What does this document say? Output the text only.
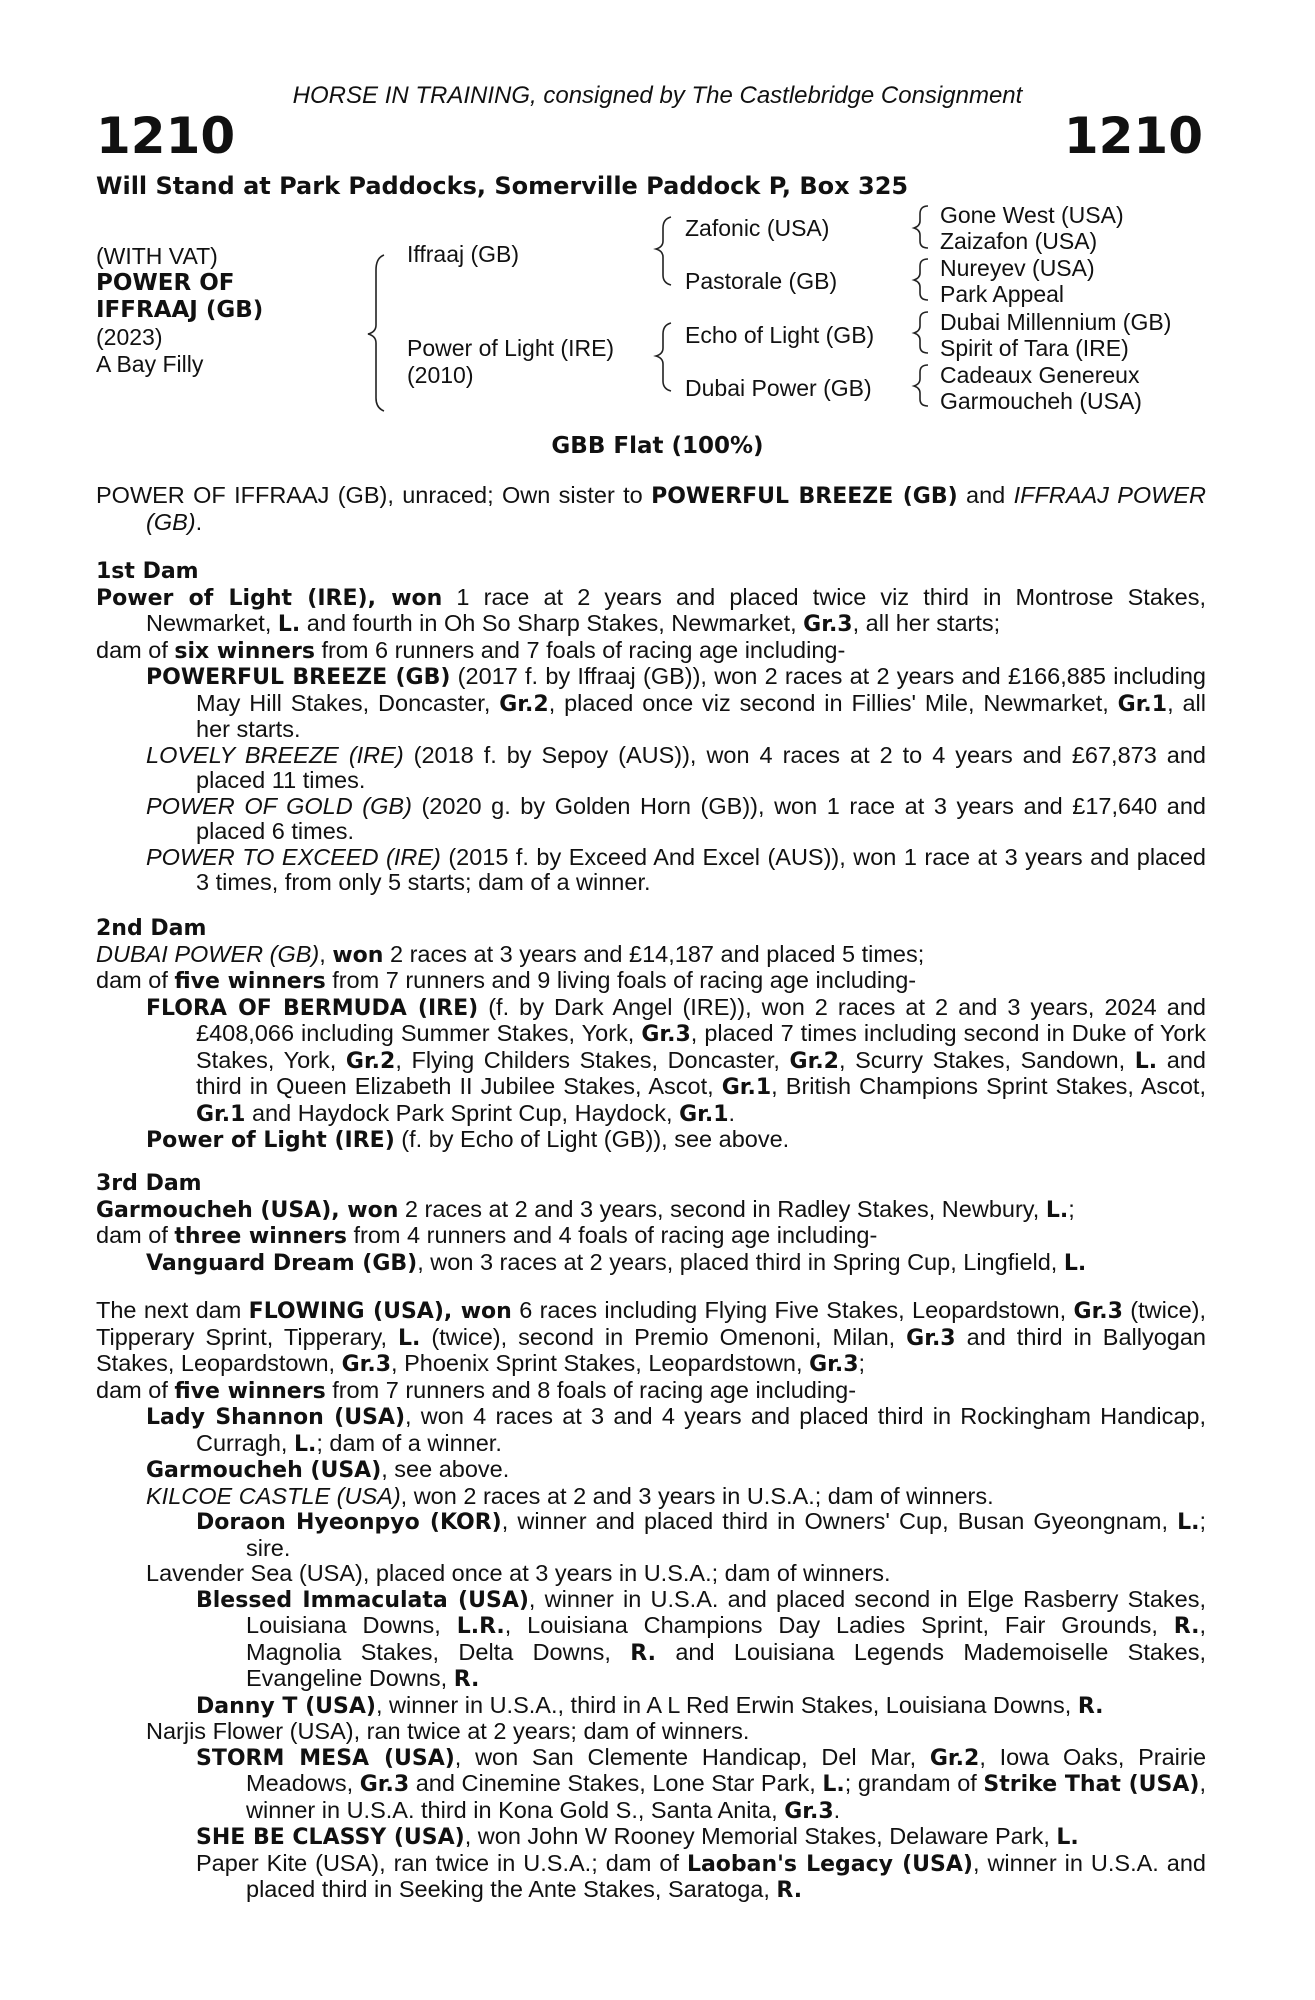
HORSE IN TRAINING, consigned by The Castlebridge Consignment
1210	1210
Will Stand at Park Paddocks, Somerville Paddock P, Box 325
(WITH VAT)
POWER OF
IFFRAAJ (GB)
(2023)
A Bay Filly
Iffraaj (GB)
Power of Light (IRE)
(2010)
Zafonic (USA)
Pastorale (GB)
Echo of Light (GB)
Dubai Power (GB)
Gone West (USA)
Zaizafon (USA)
Nureyev (USA)
Park Appeal
Dubai Millennium (GB)
Spirit of Tara (IRE)
Cadeaux Genereux
Garmoucheh (USA)
GBB Flat (100%)

POWER OF IFFRAAJ (GB), unraced; Own sister to POWERFUL BREEZE (GB) and IFFRAAJ POWER (GB).

1st Dam

Power of Light (IRE), won 1 race at 2 years and placed twice viz third in Montrose Stakes, Newmarket, L. and fourth in Oh So Sharp Stakes, Newmarket, Gr.3, all her starts;

dam of six winners from 6 runners and 7 foals of racing age including-

POWERFUL BREEZE (GB) (2017 f. by Iffraaj (GB)), won 2 races at 2 years and £166,885 including May Hill Stakes, Doncaster, Gr.2, placed once viz second in Fillies' Mile, Newmarket, Gr.1, all her starts.

LOVELY BREEZE (IRE) (2018 f. by Sepoy (AUS)), won 4 races at 2 to 4 years and £67,873 and placed 11 times.

POWER OF GOLD (GB) (2020 g. by Golden Horn (GB)), won 1 race at 3 years and £17,640 and placed 6 times.

POWER TO EXCEED (IRE) (2015 f. by Exceed And Excel (AUS)), won 1 race at 3 years and placed 3 times, from only 5 starts; dam of a winner.

2nd Dam

DUBAI POWER (GB), won 2 races at 3 years and £14,187 and placed 5 times;

dam of five winners from 7 runners and 9 living foals of racing age including-

FLORA OF BERMUDA (IRE) (f. by Dark Angel (IRE)), won 2 races at 2 and 3 years, 2024 and £408,066 including Summer Stakes, York, Gr.3, placed 7 times including second in Duke of York Stakes, York, Gr.2, Flying Childers Stakes, Doncaster, Gr.2, Scurry Stakes, Sandown, L. and third in Queen Elizabeth II Jubilee Stakes, Ascot, Gr.1, British Champions Sprint Stakes, Ascot, Gr.1 and Haydock Park Sprint Cup, Haydock, Gr.1.

Power of Light (IRE) (f. by Echo of Light (GB)), see above.

3rd Dam

Garmoucheh (USA), won 2 races at 2 and 3 years, second in Radley Stakes, Newbury, L.;

dam of three winners from 4 runners and 4 foals of racing age including-

Vanguard Dream (GB), won 3 races at 2 years, placed third in Spring Cup, Lingfield, L.

The next dam FLOWING (USA), won 6 races including Flying Five Stakes, Leopardstown, Gr.3 (twice), Tipperary Sprint, Tipperary, L. (twice), second in Premio Omenoni, Milan, Gr.3 and third in Ballyogan Stakes, Leopardstown, Gr.3, Phoenix Sprint Stakes, Leopardstown, Gr.3;

dam of five winners from 7 runners and 8 foals of racing age including-

Lady Shannon (USA), won 4 races at 3 and 4 years and placed third in Rockingham Handicap, Curragh, L.; dam of a winner.

Garmoucheh (USA), see above.

KILCOE CASTLE (USA), won 2 races at 2 and 3 years in U.S.A.; dam of winners.

Doraon Hyeonpyo (KOR), winner and placed third in Owners' Cup, Busan Gyeongnam, L.; sire.

Lavender Sea (USA), placed once at 3 years in U.S.A.; dam of winners.

Blessed Immaculata (USA), winner in U.S.A. and placed second in Elge Rasberry Stakes, Louisiana Downs, L.R., Louisiana Champions Day Ladies Sprint, Fair Grounds, R., Magnolia Stakes, Delta Downs, R. and Louisiana Legends Mademoiselle Stakes, Evangeline Downs, R.

Danny T (USA), winner in U.S.A., third in A L Red Erwin Stakes, Louisiana Downs, R.

Narjis Flower (USA), ran twice at 2 years; dam of winners.

STORM MESA (USA), won San Clemente Handicap, Del Mar, Gr.2, Iowa Oaks, Prairie Meadows, Gr.3 and Cinemine Stakes, Lone Star Park, L.; grandam of Strike That (USA), winner in U.S.A. third in Kona Gold S., Santa Anita, Gr.3.

SHE BE CLASSY (USA), won John W Rooney Memorial Stakes, Delaware Park, L.

Paper Kite (USA), ran twice in U.S.A.; dam of Laoban's Legacy (USA), winner in U.S.A. and placed third in Seeking the Ante Stakes, Saratoga, R.
